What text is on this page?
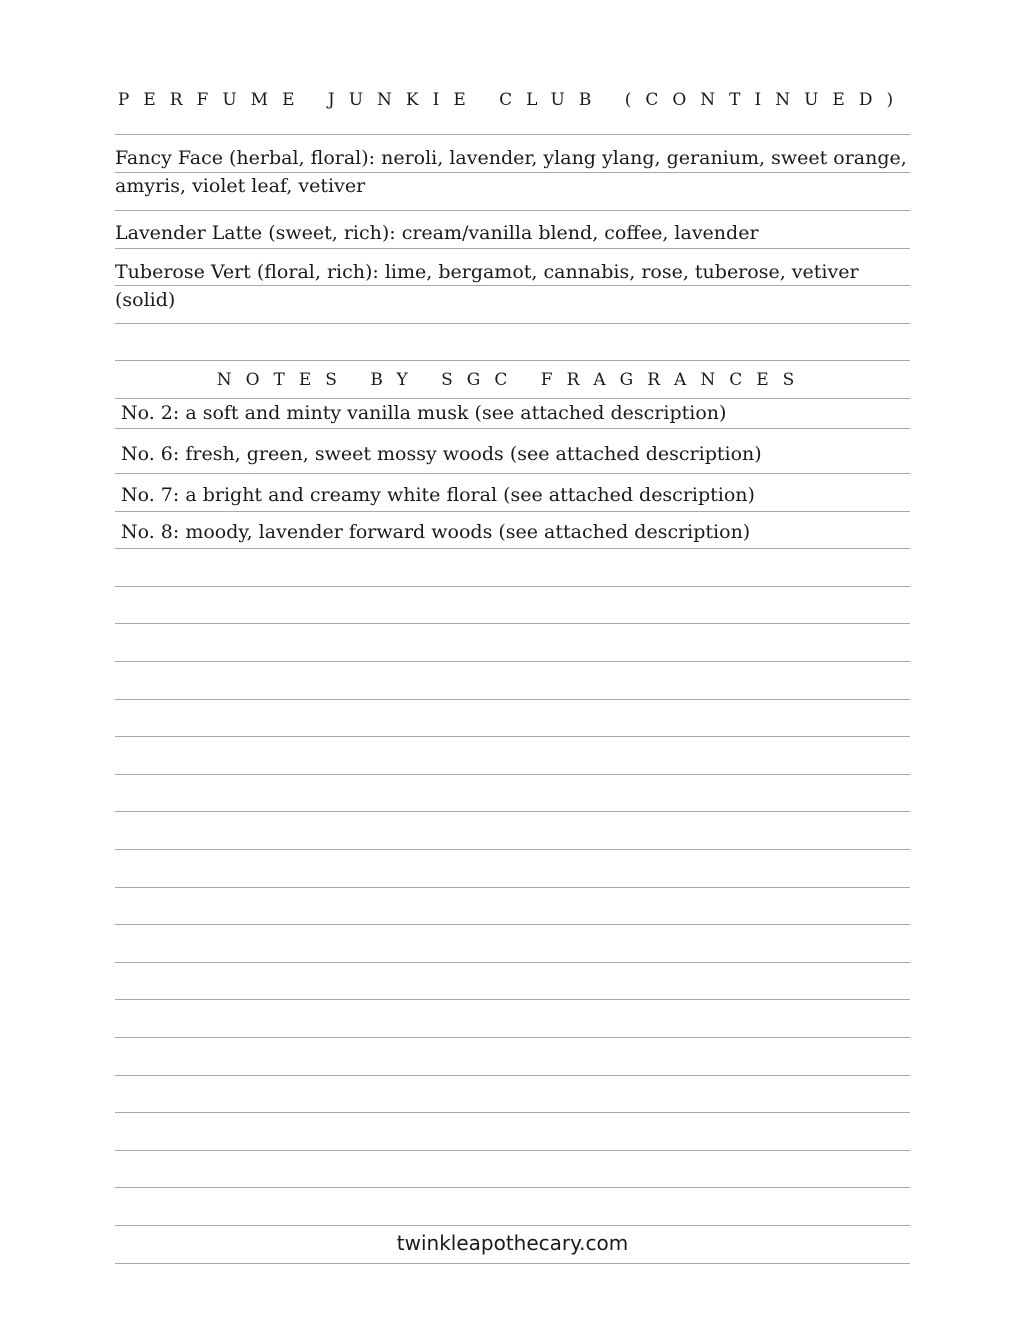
PERFUME JUNKIE CLUB (CONTINUED)
Fancy Face (herbal, floral): neroli, lavender, ylang ylang, geranium, sweet orange, amyris, violet leaf, vetiver
Lavender Latte (sweet, rich): cream/vanilla blend, coffee, lavender
Tuberose Vert (floral, rich): lime, bergamot, cannabis, rose, tuberose, vetiver (solid)
NOTES BY SGC FRAGRANCES
No. 2: a soft and minty vanilla musk (see attached description)
No. 6: fresh, green, sweet mossy woods (see attached description)
No. 7: a bright and creamy white floral (see attached description)
No. 8: moody, lavender forward woods (see attached description)
twinkleapothecary.com
